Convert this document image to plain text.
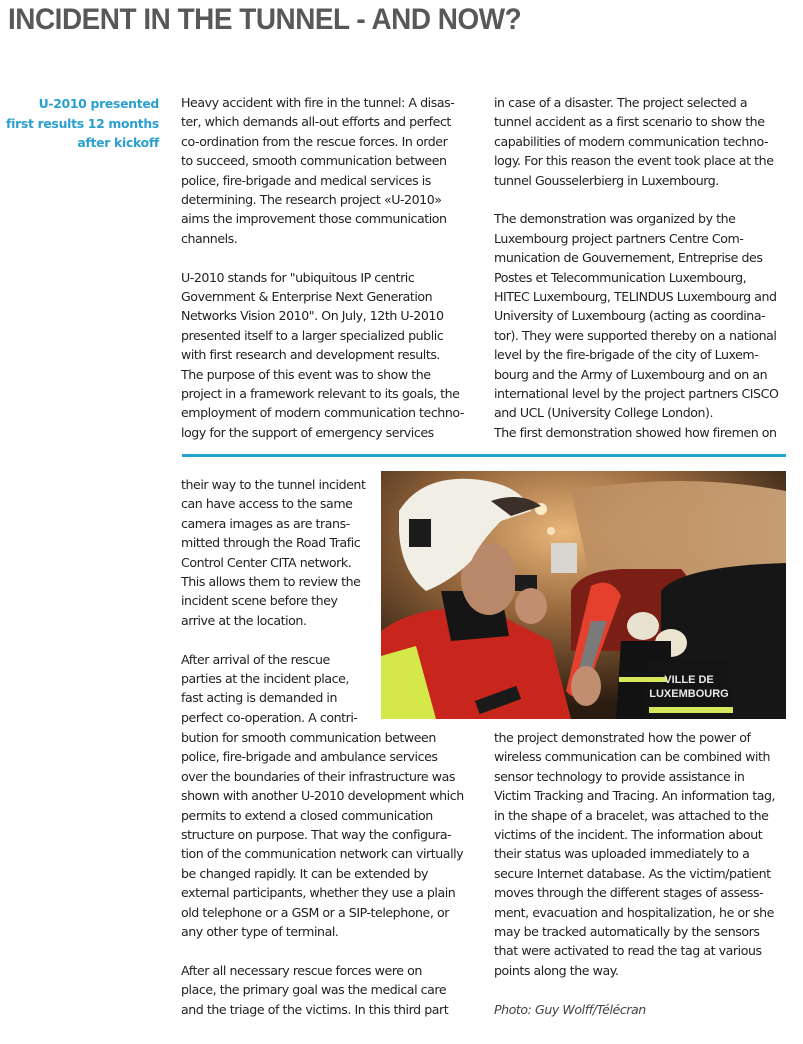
INCIDENT IN THE TUNNEL - AND NOW?
U-2010 presented
first results 12 months
after kickoff

Heavy accident with fire in the tunnel: A disas-
ter, which demands all-out efforts and perfect
co-ordination from the rescue forces. In order
to succeed, smooth communication between
police, fire-brigade and medical services is
determining. The research project «U-2010»
aims the improvement those communication
channels.

U-2010 stands for "ubiquitous IP centric
Government & Enterprise Next Generation
Networks Vision 2010". On July, 12th U-2010
presented itself to a larger specialized public
with first research and development results.
The purpose of this event was to show the
project in a framework relevant to its goals, the
employment of modern communication techno-
logy for the support of emergency services

in case of a disaster. The project selected a
tunnel accident as a first scenario to show the
capabilities of modern communication techno-
logy. For this reason the event took place at the
tunnel Gousselerbierg in Luxembourg.

The demonstration was organized by the
Luxembourg project partners Centre Com-
munication de Gouvernement, Entreprise des
Postes et Telecommunication Luxembourg,
HITEC Luxembourg, TELINDUS Luxembourg and
University of Luxembourg (acting as coordina-
tor). They were supported thereby on a national
level by the fire-brigade of the city of Luxem-
bourg and the Army of Luxembourg and on an
international level by the project partners CISCO
and UCL (University College London).
The first demonstration showed how firemen on

their way to the tunnel incident
can have access to the same
camera images as are trans-
mitted through the Road Trafic
Control Center CITA network.
This allows them to review the
incident scene before they
arrive at the location.

After arrival of the rescue
parties at the incident place,
fast acting is demanded in
perfect co-operation. A contri-

VILLE DE
LUXEMBOURG

bution for smooth communication between
police, fire-brigade and ambulance services
over the boundaries of their infrastructure was
shown with another U-2010 development which
permits to extend a closed communication
structure on purpose. That way the configura-
tion of the communication network can virtually
be changed rapidly. It can be extended by
external participants, whether they use a plain
old telephone or a GSM or a SIP-telephone, or
any other type of terminal.

After all necessary rescue forces were on
place, the primary goal was the medical care
and the triage of the victims. In this third part

the project demonstrated how the power of
wireless communication can be combined with
sensor technology to provide assistance in
Victim Tracking and Tracing. An information tag,
in the shape of a bracelet, was attached to the
victims of the incident. The information about
their status was uploaded immediately to a
secure Internet database. As the victim/patient
moves through the different stages of assess-
ment, evacuation and hospitalization, he or she
may be tracked automatically by the sensors
that were activated to read the tag at various
points along the way.

Photo: Guy Wolff/Télécran
